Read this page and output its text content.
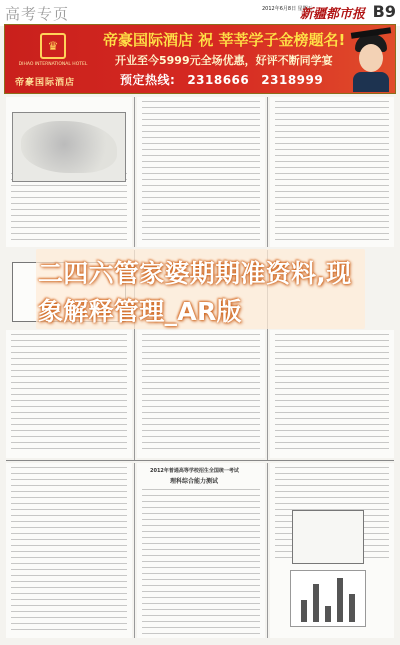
高考专页	2012年6月8日 星期五
新疆都市报 B9
♛
DIHAO INTERNATIONAL HOTEL
帝豪国际酒店
帝豪国际酒店 祝 莘莘学子金榜题名!
开业至今5999元全场优惠，好评不断同学宴
预定热线: 2318666 2318999
2012年普通高等学校招生全国统一考试
理科综合能力测试
二四六管家婆期期准资料,现象解释管理_AR版
